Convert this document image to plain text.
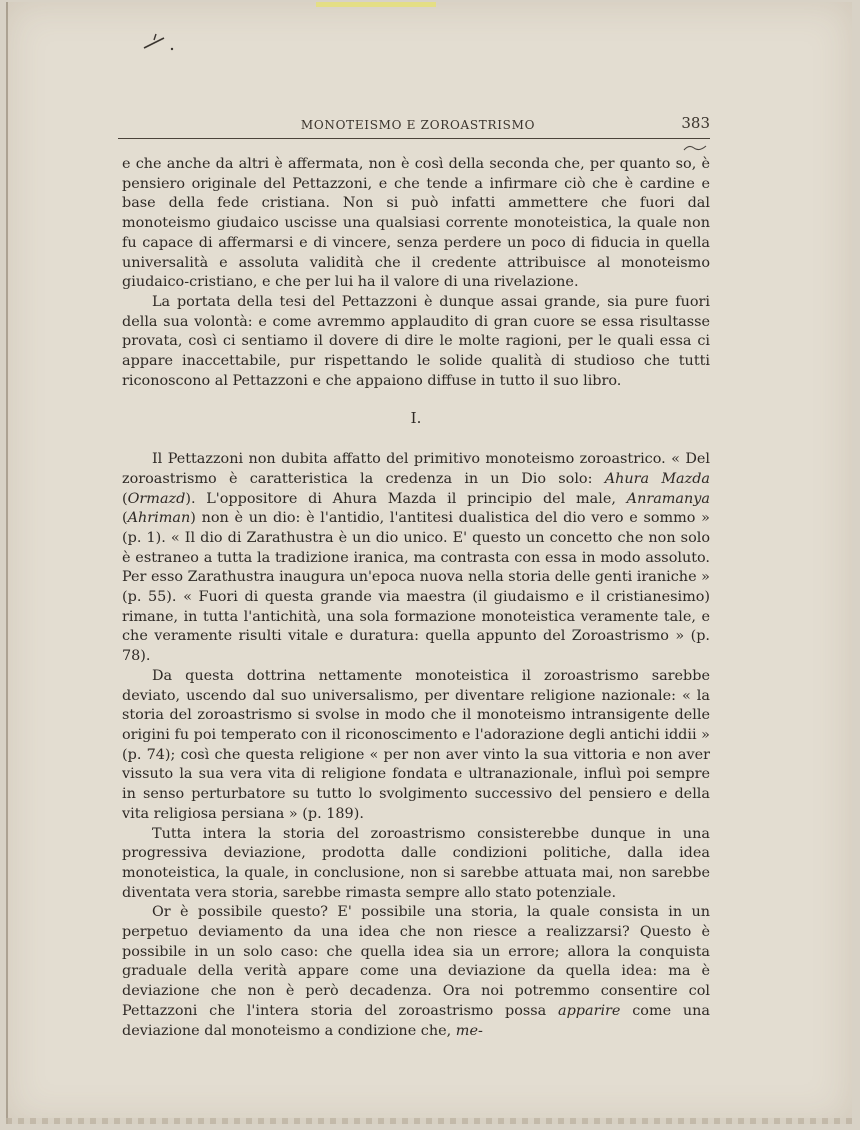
MONOTEISMO E ZOROASTRISMO	383

e che anche da altri è affermata, non è così della seconda che, per quanto so, è pensiero originale del Pettazzoni, e che tende a infirmare ciò che è cardine e base della fede cristiana. Non si può infatti ammettere che fuori dal monoteismo giudaico uscisse una qualsiasi corrente monoteistica, la quale non fu capace di affermarsi e di vincere, senza perdere un poco di fiducia in quella universalità e assoluta validità che il credente attribuisce al monoteismo giudaico-cristiano, e che per lui ha il valore di una rivelazione.

La portata della tesi del Pettazzoni è dunque assai grande, sia pure fuori della sua volontà: e come avremmo applaudito di gran cuore se essa risultasse provata, così ci sentiamo il dovere di dire le molte ragioni, per le quali essa ci appare inaccettabile, pur rispettando le solide qualità di studioso che tutti riconoscono al Pettazzoni e che appaiono diffuse in tutto il suo libro.

I.

Il Pettazzoni non dubita affatto del primitivo monoteismo zoroastrico. « Del zoroastrismo è caratteristica la credenza in un Dio solo: Ahura Mazda (Ormazd). L'oppositore di Ahura Mazda il principio del male, Anramanya (Ahriman) non è un dio: è l'antidio, l'antitesi dualistica del dio vero e sommo » (p. 1). « Il dio di Zarathustra è un dio unico. E' questo un concetto che non solo è estraneo a tutta la tradizione iranica, ma contrasta con essa in modo assoluto. Per esso Zarathustra inaugura un'epoca nuova nella storia delle genti iraniche » (p. 55). « Fuori di questa grande via maestra (il giudaismo e il cristianesimo) rimane, in tutta l'antichità, una sola formazione monoteistica veramente tale, e che veramente risulti vitale e duratura: quella appunto del Zoroastrismo » (p. 78).

Da questa dottrina nettamente monoteistica il zoroastrismo sarebbe deviato, uscendo dal suo universalismo, per diventare religione nazionale: « la storia del zoroastrismo si svolse in modo che il monoteismo intransigente delle origini fu poi temperato con il riconoscimento e l'adorazione degli antichi iddii » (p. 74); così che questa religione « per non aver vinto la sua vittoria e non aver vissuto la sua vera vita di religione fondata e ultranazionale, influì poi sempre in senso perturbatore su tutto lo svolgimento successivo del pensiero e della vita religiosa persiana » (p. 189).

Tutta intera la storia del zoroastrismo consisterebbe dunque in una progressiva deviazione, prodotta dalle condizioni politiche, dalla idea monoteistica, la quale, in conclusione, non si sarebbe attuata mai, non sarebbe diventata vera storia, sarebbe rimasta sempre allo stato potenziale.

Or è possibile questo? E' possibile una storia, la quale consista in un perpetuo deviamento da una idea che non riesce a realizzarsi? Questo è possibile in un solo caso: che quella idea sia un errore; allora la conquista graduale della verità appare come una deviazione da quella idea: ma è deviazione che non è però decadenza. Ora noi potremmo consentire col Pettazzoni che l'intera storia del zoroastrismo possa apparire come una deviazione dal monoteismo a condizione che, me-
